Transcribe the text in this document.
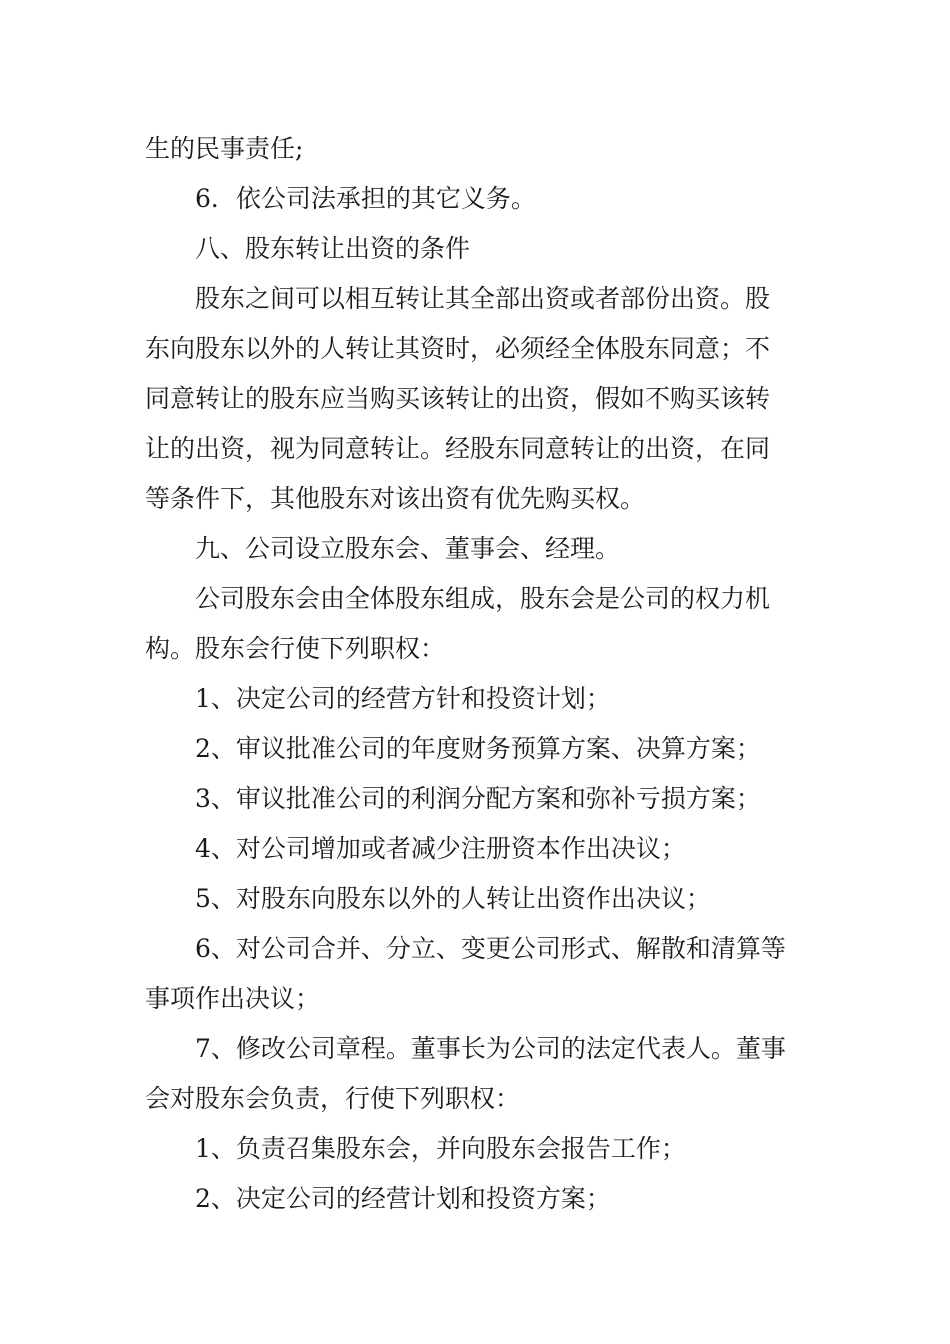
生的民事责任;

6．依公司法承担的其它义务。

八、股东转让出资的条件

股东之间可以相互转让其全部出资或者部份出资。股

东向股东以外的人转让其资时，必须经全体股东同意；不

同意转让的股东应当购买该转让的出资，假如不购买该转

让的出资，视为同意转让。经股东同意转让的出资，在同

等条件下，其他股东对该出资有优先购买权。

九、公司设立股东会、董事会、经理。

公司股东会由全体股东组成，股东会是公司的权力机

构。股东会行使下列职权：

1、决定公司的经营方针和投资计划；

2、审议批准公司的年度财务预算方案、决算方案；

3、审议批准公司的利润分配方案和弥补亏损方案；

4、对公司增加或者减少注册资本作出决议；

5、对股东向股东以外的人转让出资作出决议；

6、对公司合并、分立、变更公司形式、解散和清算等

事项作出决议；

7、修改公司章程。董事长为公司的法定代表人。董事

会对股东会负责，行使下列职权：

1、负责召集股东会，并向股东会报告工作；

2、决定公司的经营计划和投资方案；
